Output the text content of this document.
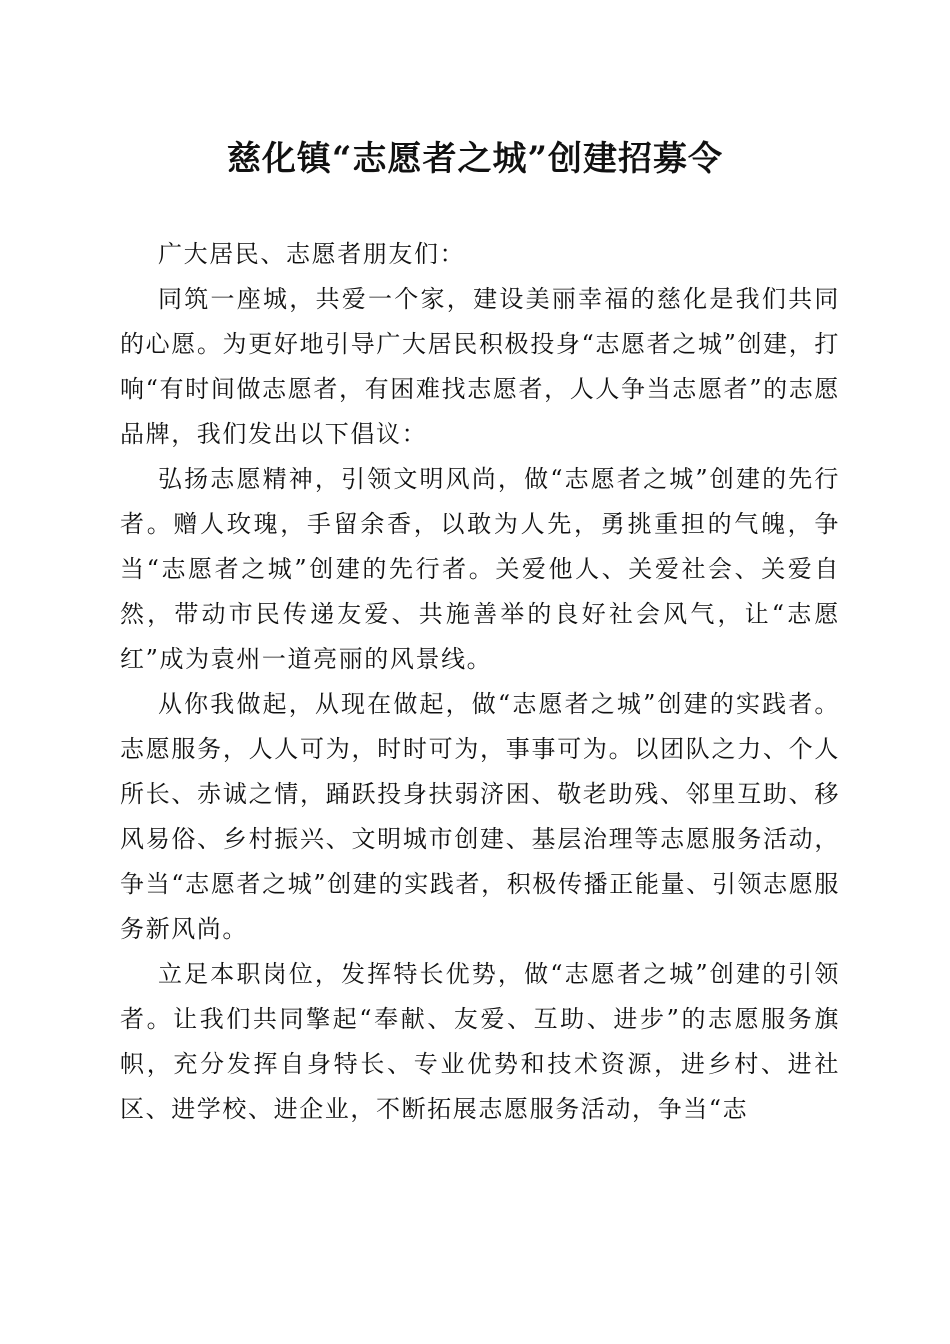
慈化镇“志愿者之城”创建招募令

广大居民、志愿者朋友们：

同筑一座城，共爱一个家，建设美丽幸福的慈化是我们共同的心愿。为更好地引导广大居民积极投身“志愿者之城”创建，打响“有时间做志愿者，有困难找志愿者，人人争当志愿者”的志愿品牌，我们发出以下倡议：

弘扬志愿精神，引领文明风尚，做“志愿者之城”创建的先行者。赠人玫瑰，手留余香，以敢为人先，勇挑重担的气魄，争当“志愿者之城”创建的先行者。关爱他人、关爱社会、关爱自然，带动市民传递友爱、共施善举的良好社会风气，让“志愿红”成为袁州一道亮丽的风景线。

从你我做起，从现在做起，做“志愿者之城”创建的实践者。志愿服务，人人可为，时时可为，事事可为。以团队之力、个人所长、赤诚之情，踊跃投身扶弱济困、敬老助残、邻里互助、移风易俗、乡村振兴、文明城市创建、基层治理等志愿服务活动，争当“志愿者之城”创建的实践者，积极传播正能量、引领志愿服务新风尚。

立足本职岗位，发挥特长优势，做“志愿者之城”创建的引领者。让我们共同擎起“奉献、友爱、互助、进步”的志愿服务旗帜，充分发挥自身特长、专业优势和技术资源，进乡村、进社区、进学校、进企业，不断拓展志愿服务活动，争当“志
